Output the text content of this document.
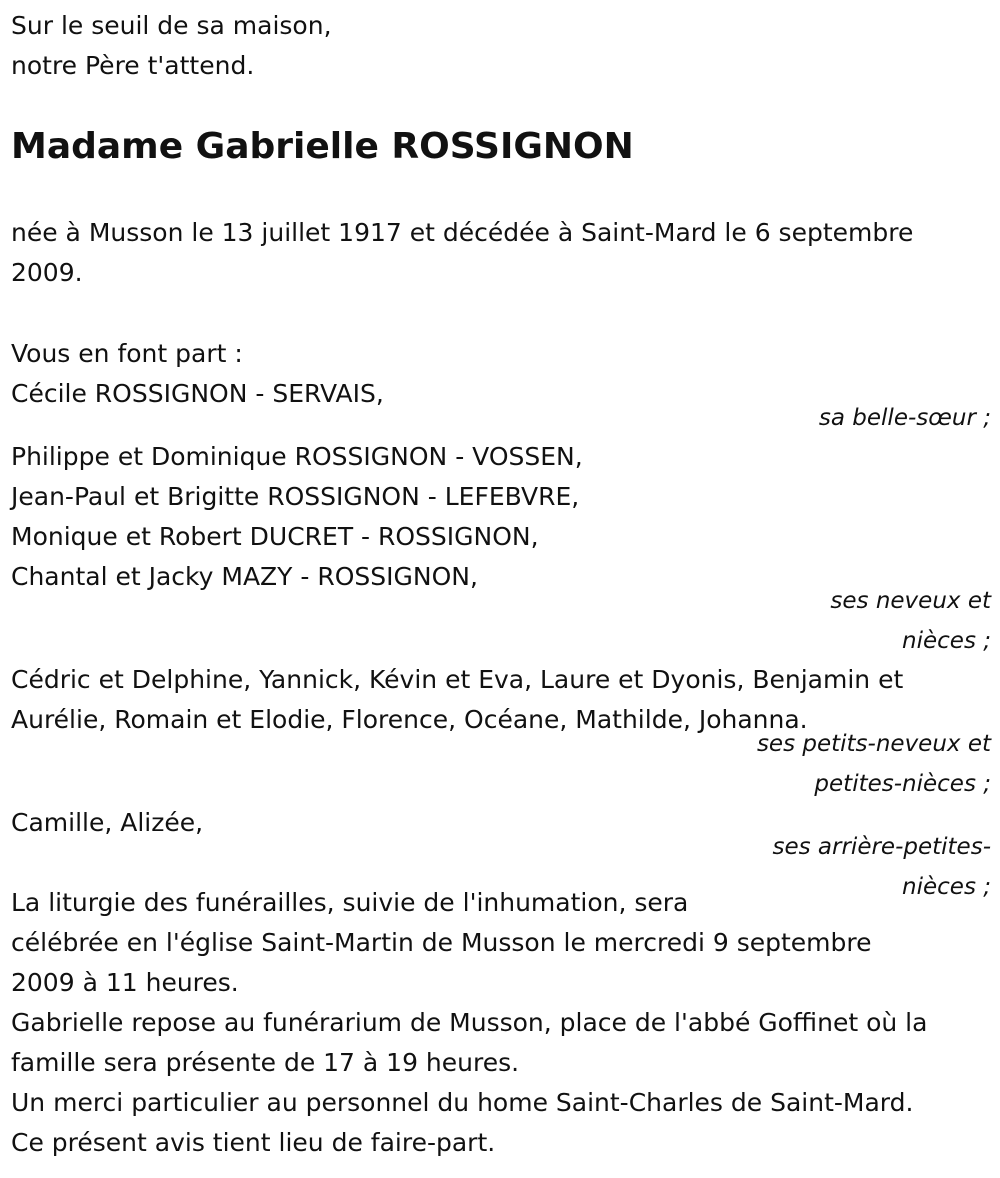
Sur le seuil de sa maison,
notre Père t'attend.
Madame Gabrielle ROSSIGNON
née à Musson le 13 juillet 1917 et décédée à Saint-Mard le 6 septembre
2009.
Vous en font part :
Cécile ROSSIGNON - SERVAIS,
sa belle-sœur ;
Philippe et Dominique ROSSIGNON - VOSSEN,
Jean-Paul et Brigitte ROSSIGNON - LEFEBVRE,
Monique et Robert DUCRET - ROSSIGNON,
Chantal et Jacky MAZY - ROSSIGNON,
ses neveux et
nièces ;
Cédric et Delphine, Yannick, Kévin et Eva, Laure et Dyonis, Benjamin et
Aurélie, Romain et Elodie, Florence, Océane, Mathilde, Johanna.
ses petits-neveux et
petites-nièces ;
Camille, Alizée,
ses arrière-petites-
nièces ;
La liturgie des funérailles, suivie de l'inhumation, sera
célébrée en l'église Saint-Martin de Musson le mercredi 9 septembre
2009 à 11 heures.
Gabrielle repose au funérarium de Musson, place de l'abbé Goffinet où la
famille sera présente de 17 à 19 heures.
Un merci particulier au personnel du home Saint-Charles de Saint-Mard.
Ce présent avis tient lieu de faire-part.
